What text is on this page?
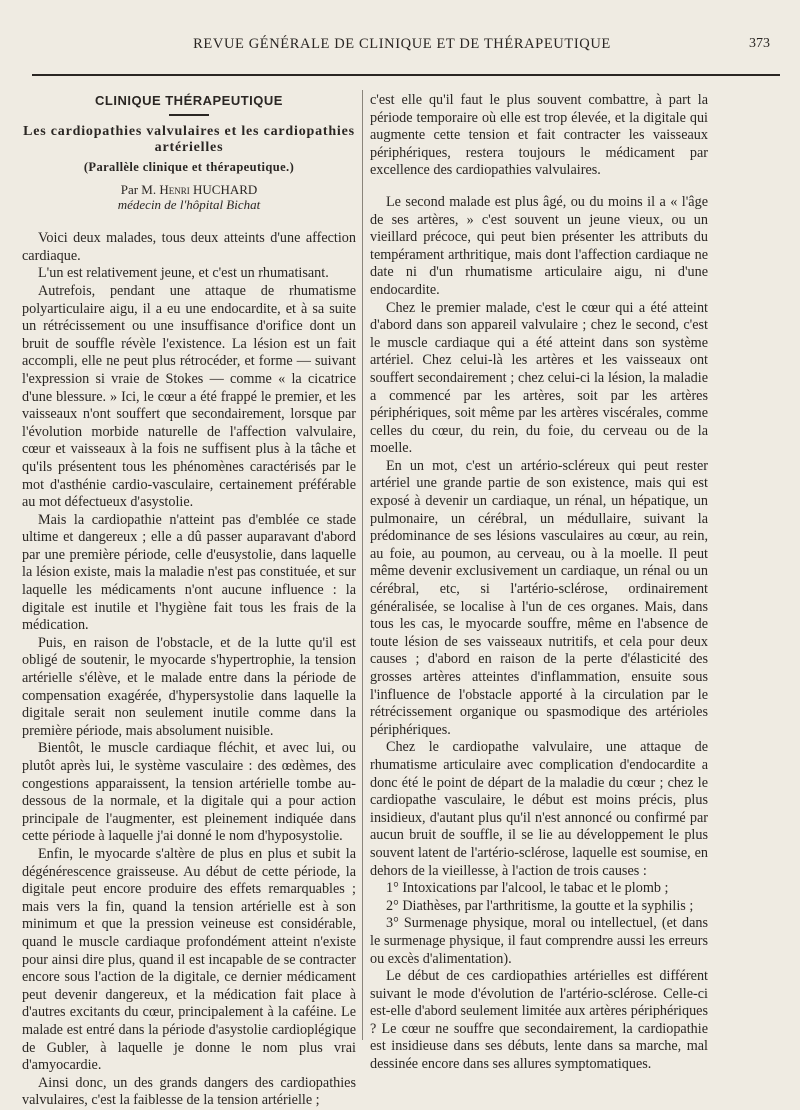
REVUE GÉNÉRALE DE CLINIQUE ET DE THÉRAPEUTIQUE	373
CLINIQUE THÉRAPEUTIQUE
Les cardiopathies valvulaires et les cardiopathies artérielles
(Parallèle clinique et thérapeutique.)
Par M. Henri HUCHARD
médecin de l'hôpital Bichat

Voici deux malades, tous deux atteints d'une affection cardiaque.

L'un est relativement jeune, et c'est un rhumatisant.

Autrefois, pendant une attaque de rhumatisme polyarticulaire aigu, il a eu une endocardite, et à sa suite un rétrécissement ou une insuffisance d'orifice dont un bruit de souffle révèle l'existence. La lésion est un fait accompli, elle ne peut plus rétrocéder, et forme — suivant l'expression si vraie de Stokes — comme « la cicatrice d'une blessure. » Ici, le cœur a été frappé le premier, et les vaisseaux n'ont souffert que secondairement, lorsque par l'évolution morbide naturelle de l'affection valvulaire, cœur et vaisseaux à la fois ne suffisent plus à la tâche et qu'ils présentent tous les phénomènes caractérisés par le mot d'asthénie cardio-vasculaire, certainement préférable au mot défectueux d'asystolie.

Mais la cardiopathie n'atteint pas d'emblée ce stade ultime et dangereux ; elle a dû passer auparavant d'abord par une première période, celle d'eusystolie, dans laquelle la lésion existe, mais la maladie n'est pas constituée, et sur laquelle les médicaments n'ont aucune influence : la digitale est inutile et l'hygiène fait tous les frais de la médication.

Puis, en raison de l'obstacle, et de la lutte qu'il est obligé de soutenir, le myocarde s'hypertrophie, la tension artérielle s'élève, et le malade entre dans la période de compensation exagérée, d'hypersystolie dans laquelle la digitale serait non seulement inutile comme dans la première période, mais absolument nuisible.

Bientôt, le muscle cardiaque fléchit, et avec lui, ou plutôt après lui, le système vasculaire : des œdèmes, des congestions apparaissent, la tension artérielle tombe au-dessous de la normale, et la digitale qui a pour action principale de l'augmenter, est pleinement indiquée dans cette période à laquelle j'ai donné le nom d'hyposystolie.

Enfin, le myocarde s'altère de plus en plus et subit la dégénérescence graisseuse. Au début de cette période, la digitale peut encore produire des effets remarquables ; mais vers la fin, quand la tension artérielle est à son minimum et que la pression veineuse est considérable, quand le muscle cardiaque profondément atteint n'existe pour ainsi dire plus, quand il est incapable de se contracter encore sous l'action de la digitale, ce dernier médicament peut devenir dangereux, et la médication fait place à d'autres excitants du cœur, principalement à la caféine. Le malade est entré dans la période d'asystolie cardioplégique de Gubler, à laquelle je donne le nom plus vrai d'amyocardie.

Ainsi donc, un des grands dangers des cardiopathies valvulaires, c'est la faiblesse de la tension artérielle ;

c'est elle qu'il faut le plus souvent combattre, à part la période temporaire où elle est trop élevée, et la digitale qui augmente cette tension et fait contracter les vaisseaux périphériques, restera toujours le médicament par excellence des cardiopathies valvulaires.

Le second malade est plus âgé, ou du moins il a « l'âge de ses artères, » c'est souvent un jeune vieux, ou un vieillard précoce, qui peut bien présenter les attributs du tempérament arthritique, mais dont l'affection cardiaque ne date ni d'un rhumatisme articulaire aigu, ni d'une endocardite.

Chez le premier malade, c'est le cœur qui a été atteint d'abord dans son appareil valvulaire ; chez le second, c'est le muscle cardiaque qui a été atteint dans son système artériel. Chez celui-là les artères et les vaisseaux ont souffert secondairement ; chez celui-ci la lésion, la maladie a commencé par les artères, soit par les artères périphériques, soit même par les artères viscérales, comme celles du cœur, du rein, du foie, du cerveau ou de la moelle.

En un mot, c'est un artério-scléreux qui peut rester artériel une grande partie de son existence, mais qui est exposé à devenir un cardiaque, un rénal, un hépatique, un pulmonaire, un cérébral, un médullaire, suivant la prédominance de ses lésions vasculaires au cœur, au rein, au foie, au poumon, au cerveau, ou à la moelle. Il peut même devenir exclusivement un cardiaque, un rénal ou un cérébral, etc, si l'artério-sclérose, ordinairement généralisée, se localise à l'un de ces organes. Mais, dans tous les cas, le myocarde souffre, même en l'absence de toute lésion de ses vaisseaux nutritifs, et cela pour deux causes ; d'abord en raison de la perte d'élasticité des grosses artères atteintes d'inflammation, ensuite sous l'influence de l'obstacle apporté à la circulation par le rétrécissement organique ou spasmodique des artérioles périphériques.

Chez le cardiopathe valvulaire, une attaque de rhumatisme articulaire avec complication d'endocardite a donc été le point de départ de la maladie du cœur ; chez le cardiopathe vasculaire, le début est moins précis, plus insidieux, d'autant plus qu'il n'est annoncé ou confirmé par aucun bruit de souffle, il se lie au développement le plus souvent latent de l'artério-sclérose, laquelle est soumise, en dehors de la vieillesse, à l'action de trois causes :

1° Intoxications par l'alcool, le tabac et le plomb ;

2° Diathèses, par l'arthritisme, la goutte et la syphilis ;

3° Surmenage physique, moral ou intellectuel, (et dans le surmenage physique, il faut comprendre aussi les erreurs ou excès d'alimentation).

Le début de ces cardiopathies artérielles est différent suivant le mode d'évolution de l'artério-sclérose. Celle-ci est-elle d'abord seulement limitée aux artères périphériques ? Le cœur ne souffre que secondairement, la cardiopathie est insidieuse dans ses débuts, lente dans sa marche, mal dessinée encore dans ses allures symptomatiques.
